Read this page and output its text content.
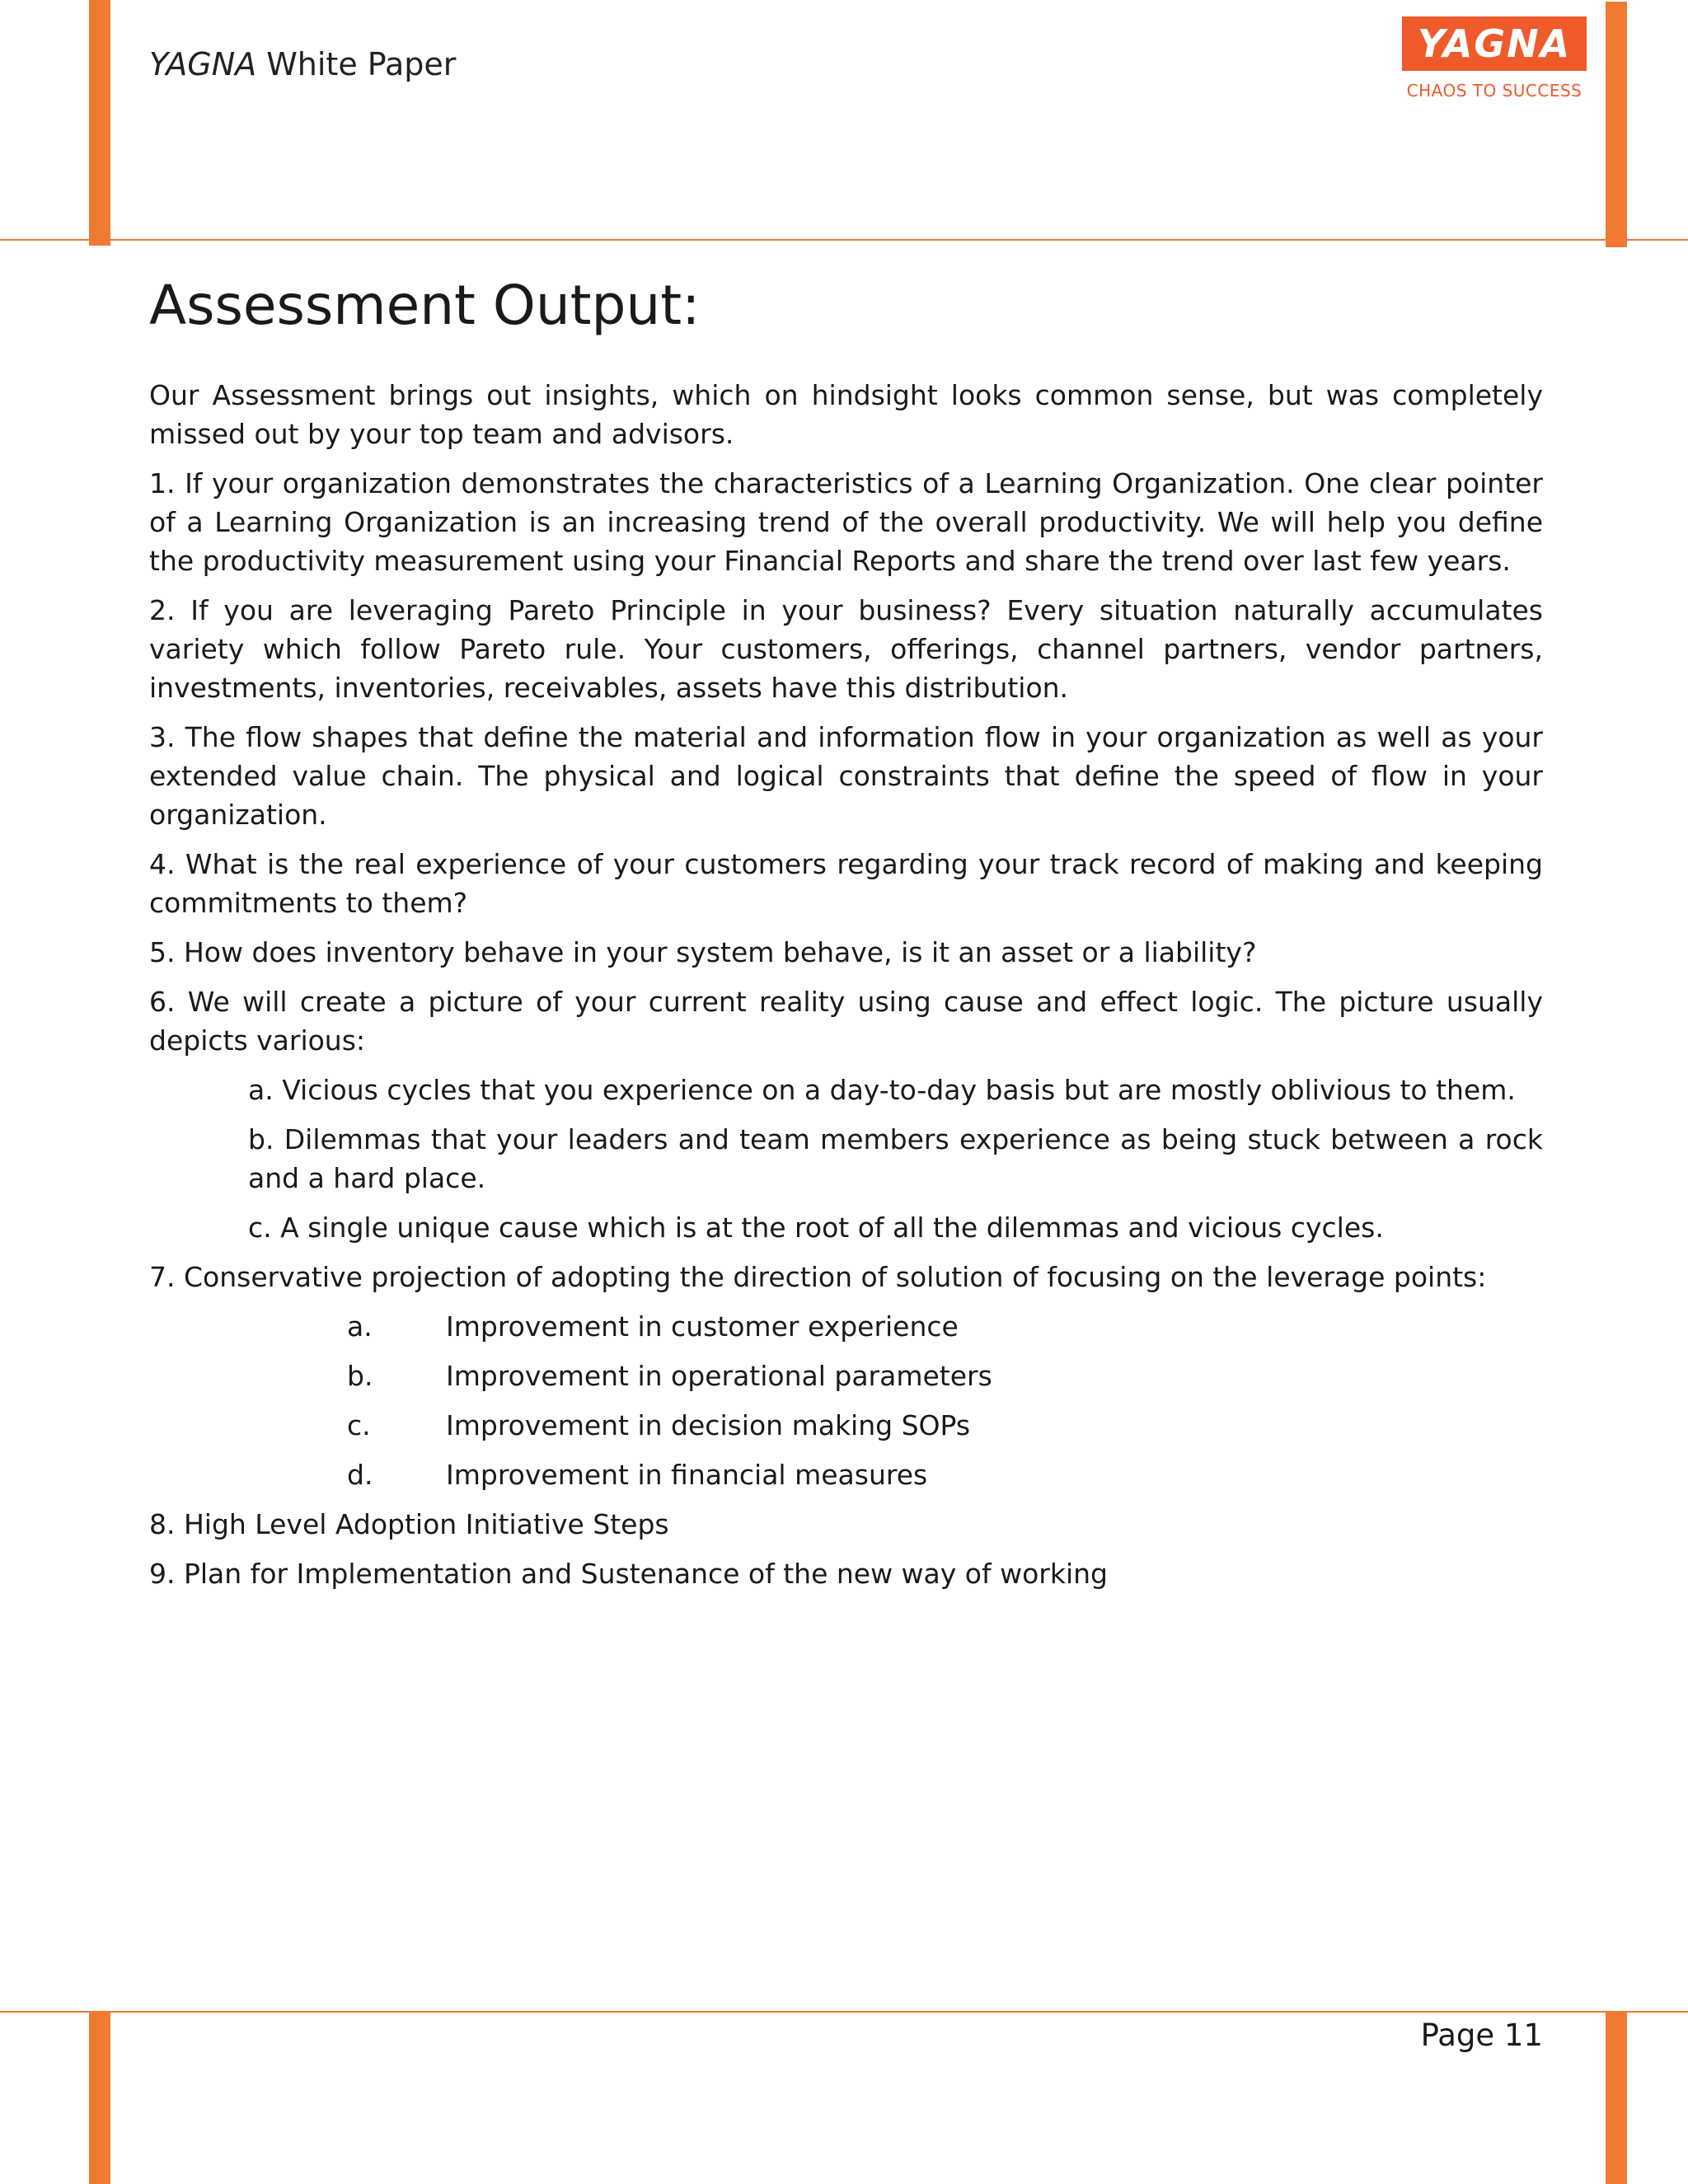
YAGNA White Paper	YAGNA
CHAOS TO SUCCESS
Assessment Output:

Our Assessment brings out insights, which on hindsight looks common sense, but was completely missed out by your top team and advisors.

1. If your organization demonstrates the characteristics of a Learning Organization. One clear pointer of a Learning Organization is an increasing trend of the overall productivity. We will help you define the productivity measurement using your Financial Reports and share the trend over last few years.

2. If you are leveraging Pareto Principle in your business? Every situation naturally accumulates variety which follow Pareto rule. Your customers, offerings, channel partners, vendor partners, investments, inventories, receivables, assets have this distribution.

3. The flow shapes that define the material and information flow in your organization as well as your extended value chain. The physical and logical constraints that define the speed of flow in your organization.

4. What is the real experience of your customers regarding your track record of making and keeping commitments to them?

5. How does inventory behave in your system behave, is it an asset or a liability?

6. We will create a picture of your current reality using cause and effect logic. The picture usually depicts various:

a. Vicious cycles that you experience on a day-to-day basis but are mostly oblivious to them.

b. Dilemmas that your leaders and team members experience as being stuck between a rock and a hard place.

c. A single unique cause which is at the root of all the dilemmas and vicious cycles.

7. Conservative projection of adopting the direction of solution of focusing on the leverage points:

a.	Improvement in customer experience
b.	Improvement in operational parameters
c.	Improvement in decision making SOPs
d.	Improvement in financial measures

8. High Level Adoption Initiative Steps

9. Plan for Implementation and Sustenance of the new way of working

Page 11
